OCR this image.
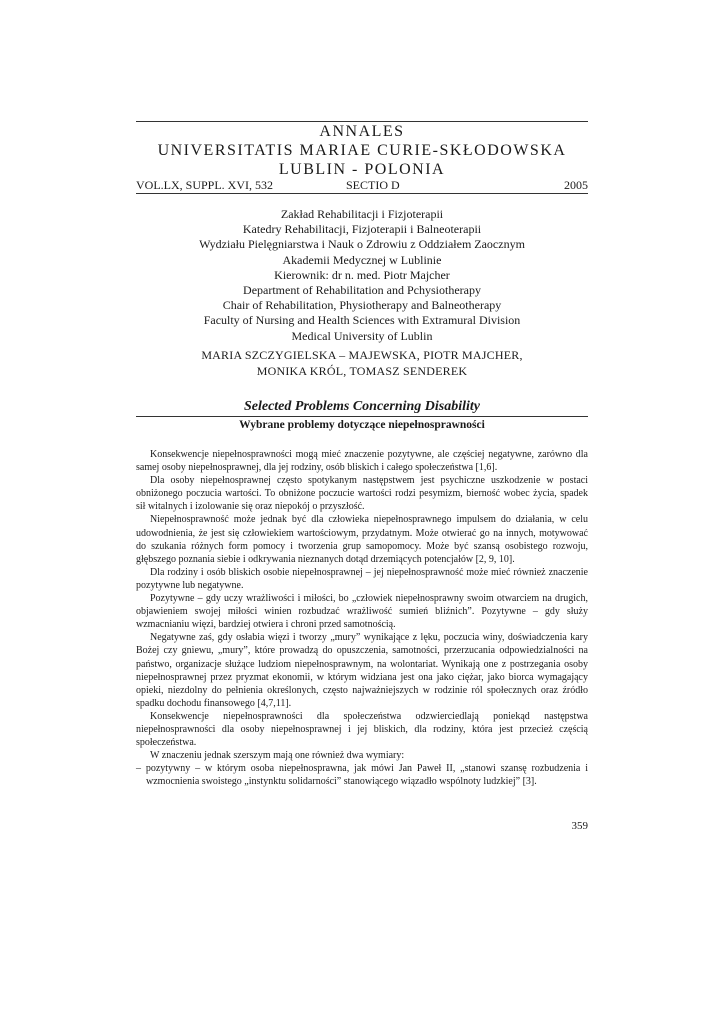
ANNALES
UNIVERSITATIS MARIAE CURIE-SKŁODOWSKA
LUBLIN - POLONIA
VOL.LX, SUPPL. XVI, 532	SECTIO D	2005
Zakład Rehabilitacji i Fizjoterapii
Katedry Rehabilitacji, Fizjoterapii i Balneoterapii
Wydziału Pielęgniarstwa i Nauk o Zdrowiu z Oddziałem Zaocznym
Akademii Medycznej w Lublinie
Kierownik: dr n. med. Piotr Majcher
Department of Rehabilitation and Pchysiotherapy
Chair of Rehabilitation, Physiotherapy and Balneotherapy
Faculty of Nursing and Health Sciences with Extramural Division
Medical University of Lublin
MARIA SZCZYGIELSKA – MAJEWSKA, PIOTR MAJCHER,
MONIKA KRÓL, TOMASZ SENDEREK
Selected Problems Concerning Disability
Wybrane problemy dotyczące niepełnosprawności

Konsekwencje niepełnosprawności mogą mieć znaczenie pozytywne, ale częściej negatywne, zarówno dla samej osoby niepełnosprawnej, dla jej rodziny, osób bliskich i całego społeczeństwa [1,6].

Dla osoby niepełnosprawnej często spotykanym następstwem jest psychiczne uszkodzenie w postaci obniżonego poczucia wartości. To obniżone poczucie wartości rodzi pesymizm, bierność wobec życia, spadek sił witalnych i izolowanie się oraz niepokój o przyszłość.

Niepełnosprawność może jednak być dla człowieka niepełnosprawnego impulsem do działania, w celu udowodnienia, że jest się człowiekiem wartościowym, przydatnym. Może otwierać go na innych, motywować do szukania różnych form pomocy i tworzenia grup samopomocy. Może być szansą osobistego rozwoju, głębszego poznania siebie i odkrywania nieznanych dotąd drzemiących potencjałów [2, 9, 10].

Dla rodziny i osób bliskich osobie niepełnosprawnej – jej niepełnosprawność może mieć również znaczenie pozytywne lub negatywne.

Pozytywne – gdy uczy wrażliwości i miłości, bo „człowiek niepełnosprawny swoim otwarciem na drugich, objawieniem swojej miłości winien rozbudzać wrażliwość sumień bliźnich”. Pozytywne – gdy służy wzmacnianiu więzi, bardziej otwiera i chroni przed samotnością.

Negatywne zaś, gdy osłabia więzi i tworzy „mury” wynikające z lęku, poczucia winy, doświadczenia kary Bożej czy gniewu, „mury”, które prowadzą do opuszczenia, samotności, przerzucania odpowiedzialności na państwo, organizacje służące ludziom niepełnosprawnym, na wolontariat. Wynikają one z postrzegania osoby niepełnosprawnej przez pryzmat ekonomii, w którym widziana jest ona jako ciężar, jako biorca wymagający opieki, niezdolny do pełnienia określonych, często najważniejszych w rodzinie ról społecznych oraz źródło spadku dochodu finansowego [4,7,11].

Konsekwencje niepełnosprawności dla społeczeństwa odzwierciedlają poniekąd następstwa niepełnosprawności dla osoby niepełnosprawnej i jej bliskich, dla rodziny, która jest przecież częścią społeczeństwa.

W znaczeniu jednak szerszym mają one również dwa wymiary:

– pozytywny – w którym osoba niepełnosprawna, jak mówi Jan Paweł II, „stanowi szansę rozbudzenia i wzmocnienia swoistego „instynktu solidarności” stanowiącego wiązadło wspólnoty ludzkiej” [3].
359
